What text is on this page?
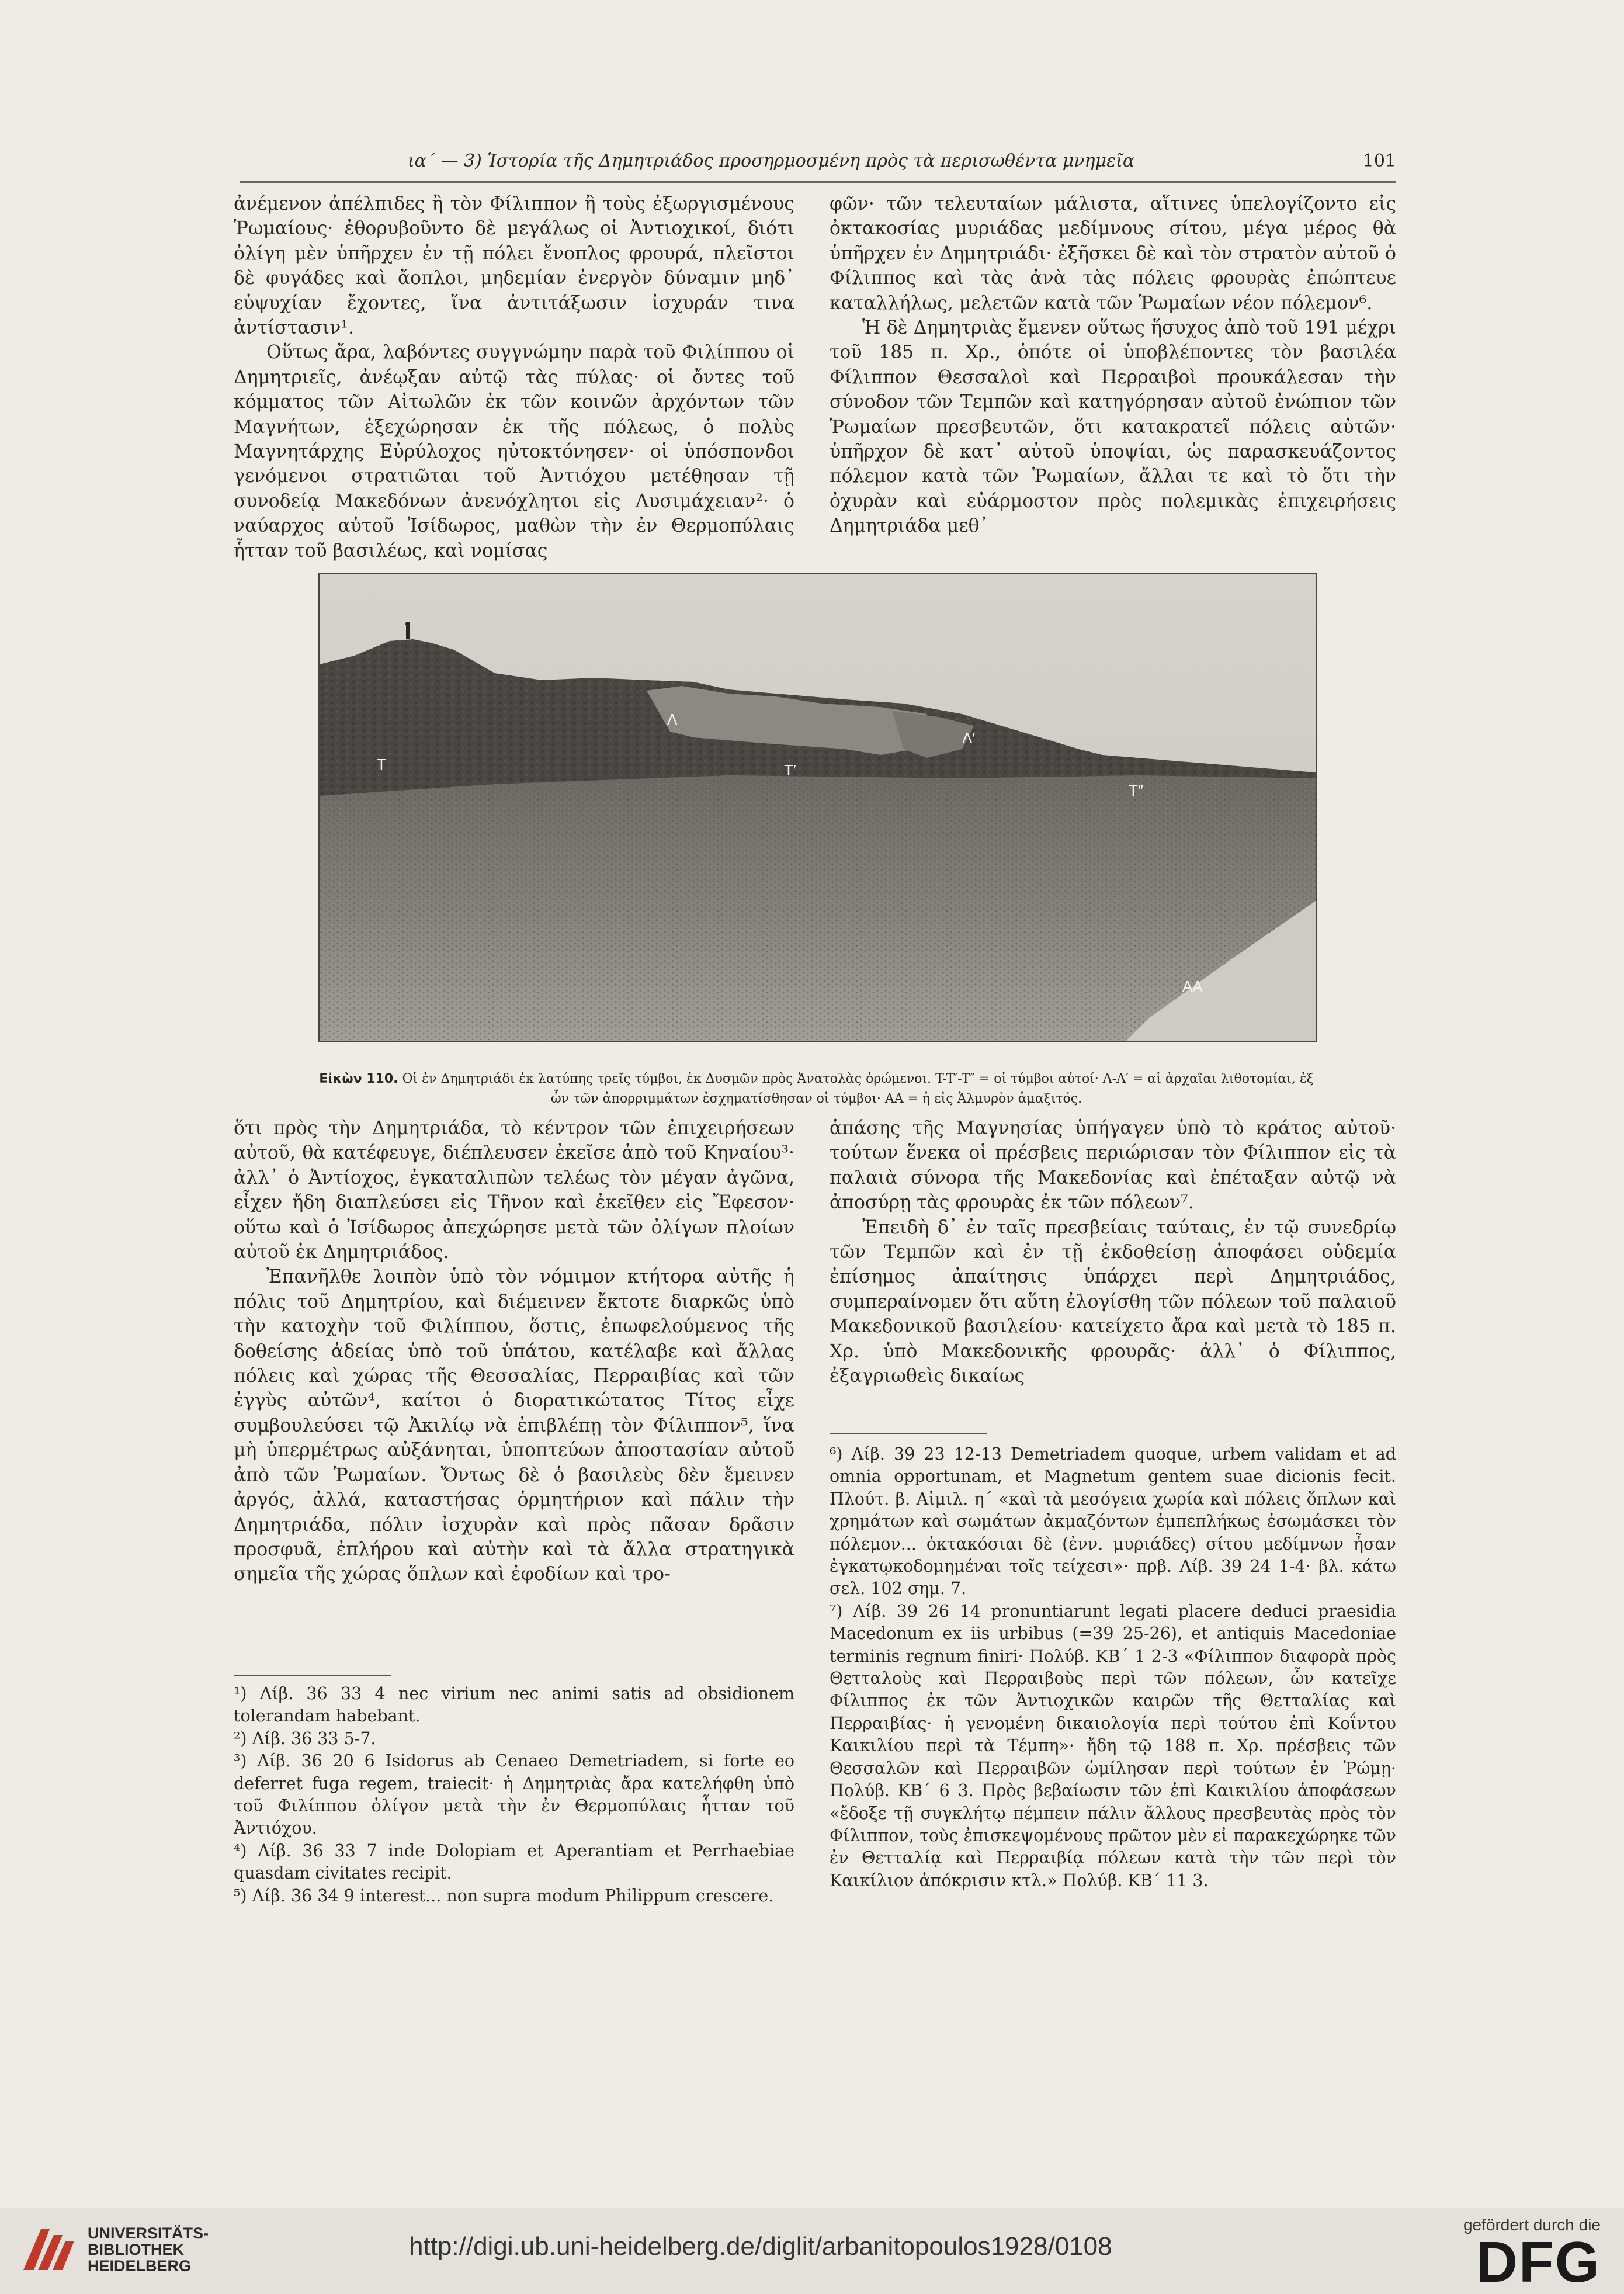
ια΄ — 3) Ἱστορία τῆς Δημητριάδος προσηρμοσμένη πρὸς τὰ περισωθέντα μνημεῖα	101

ἀνέμενον ἀπέλπιδες ἢ τὸν Φίλιππον ἢ τοὺς ἐξωργισμένους Ῥωμαίους· ἐθορυβοῦντο δὲ μεγάλως οἱ Ἀντιοχικοί, διότι ὀλίγη μὲν ὑπῆρχεν ἐν τῇ πόλει ἔνοπλος φρουρά, πλεῖστοι δὲ φυγάδες καὶ ἄοπλοι, μηδεμίαν ἐνεργὸν δύναμιν μηδ᾿ εὐψυχίαν ἔχοντες, ἵνα ἀντιτάξωσιν ἰσχυράν τινα ἀντίστασιν¹.

Οὕτως ἄρα, λαβόντες συγγνώμην παρὰ τοῦ Φιλίππου οἱ Δημητριεῖς, ἀνέῳξαν αὐτῷ τὰς πύλας· οἱ ὄντες τοῦ κόμματος τῶν Αἰτωλῶν ἐκ τῶν κοινῶν ἀρχόντων τῶν Μαγνήτων, ἐξεχώρησαν ἐκ τῆς πόλεως, ὁ πολὺς Μαγνητάρχης Εὐρύλοχος ηὐτοκτόνησεν· οἱ ὑπόσπονδοι γενόμενοι στρατιῶται τοῦ Ἀντιόχου μετέθησαν τῇ συνοδείᾳ Μακεδόνων ἀνενόχλητοι εἰς Λυσιμάχειαν²· ὁ ναύαρχος αὐτοῦ Ἰσίδωρος, μαθὼν τὴν ἐν Θερμοπύλαις ἧτταν τοῦ βασιλέως, καὶ νομίσας

φῶν· τῶν τελευταίων μάλιστα, αἵτινες ὑπελογίζοντο εἰς ὀκτακοσίας μυριάδας μεδίμνους σίτου, μέγα μέρος θὰ ὑπῆρχεν ἐν Δημητριάδι· ἐξῆσκει δὲ καὶ τὸν στρατὸν αὐτοῦ ὁ Φίλιππος καὶ τὰς ἀνὰ τὰς πόλεις φρουρὰς ἐπώπτευε καταλλήλως, μελετῶν κατὰ τῶν Ῥωμαίων νέον πόλεμον⁶.

Ἡ δὲ Δημητριὰς ἔμενεν οὕτως ἥσυχος ἀπὸ τοῦ 191 μέχρι τοῦ 185 π. Χρ., ὁπότε οἱ ὑποβλέποντες τὸν βασιλέα Φίλιππον Θεσσαλοὶ καὶ Περραιβοὶ προυκάλεσαν τὴν σύνοδον τῶν Τεμπῶν καὶ κατηγόρησαν αὐτοῦ ἐνώπιον τῶν Ῥωμαίων πρεσβευτῶν, ὅτι κατακρατεῖ πόλεις αὐτῶν· ὑπῆρχον δὲ κατ᾿ αὐτοῦ ὑποψίαι, ὡς παρασκευάζοντος πόλεμον κατὰ τῶν Ῥωμαίων, ἄλλαι τε καὶ τὸ ὅτι τὴν ὀχυρὰν καὶ εὐάρμοστον πρὸς πολεμικὰς ἐπιχειρήσεις Δημητριάδα μεθ᾿

T	T′
T″
Λ
Λ′
AA
Εἰκὼν 110. Οἱ ἐν Δημητριάδι ἐκ λατύπης τρεῖς τύμβοι, ἐκ Δυσμῶν πρὸς Ἀνατολὰς ὁρώμενοι. T-T′-T″ = οἱ τύμβοι αὐτοί· Λ-Λ′ = αἱ ἀρχαῖαι λιθοτομίαι, ἐξ ὧν τῶν ἀπορριμμάτων ἐσχηματίσθησαν οἱ τύμβοι· AA = ἡ εἰς Ἀλμυρὸν ἁμαξιτός.

ὅτι πρὸς τὴν Δημητριάδα, τὸ κέντρον τῶν ἐπιχειρήσεων αὐτοῦ, θὰ κατέφευγε, διέπλευσεν ἐκεῖσε ἀπὸ τοῦ Κηναίου³· ἀλλ᾿ ὁ Ἀντίοχος, ἐγκαταλιπὼν τελέως τὸν μέγαν ἀγῶνα, εἶχεν ἤδη διαπλεύσει εἰς Τῆνον καὶ ἐκεῖθεν εἰς Ἔφεσον· οὕτω καὶ ὁ Ἰσίδωρος ἀπεχώρησε μετὰ τῶν ὀλίγων πλοίων αὐτοῦ ἐκ Δημητριάδος.

Ἐπανῆλθε λοιπὸν ὑπὸ τὸν νόμιμον κτήτορα αὐτῆς ἡ πόλις τοῦ Δημητρίου, καὶ διέμεινεν ἔκτοτε διαρκῶς ὑπὸ τὴν κατοχὴν τοῦ Φιλίππου, ὅστις, ἐπωφελούμενος τῆς δοθείσης ἀδείας ὑπὸ τοῦ ὑπάτου, κατέλαβε καὶ ἄλλας πόλεις καὶ χώρας τῆς Θεσσαλίας, Περραιβίας καὶ τῶν ἐγγὺς αὐτῶν⁴, καίτοι ὁ διορατικώτατος Τίτος εἶχε συμβουλεύσει τῷ Ἀκιλίῳ νὰ ἐπιβλέπῃ τὸν Φίλιππον⁵, ἵνα μὴ ὑπερμέτρως αὐξάνηται, ὑποπτεύων ἀποστασίαν αὐτοῦ ἀπὸ τῶν Ῥωμαίων. Ὄντως δὲ ὁ βασιλεὺς δὲν ἔμεινεν ἀργός, ἀλλά, καταστήσας ὁρμητήριον καὶ πάλιν τὴν Δημητριάδα, πόλιν ἰσχυρὰν καὶ πρὸς πᾶσαν δρᾶσιν προσφυᾶ, ἐπλήρου καὶ αὐτὴν καὶ τὰ ἄλλα στρατηγικὰ σημεῖα τῆς χώρας ὅπλων καὶ ἐφοδίων καὶ τρο-

ἁπάσης τῆς Μαγνησίας ὑπήγαγεν ὑπὸ τὸ κράτος αὐτοῦ· τούτων ἕνεκα οἱ πρέσβεις περιώρισαν τὸν Φίλιππον εἰς τὰ παλαιὰ σύνορα τῆς Μακεδονίας καὶ ἐπέταξαν αὐτῷ νὰ ἀποσύρῃ τὰς φρουρὰς ἐκ τῶν πόλεων⁷.

Ἐπειδὴ δ᾿ ἐν ταῖς πρεσβείαις ταύταις, ἐν τῷ συνεδρίῳ τῶν Τεμπῶν καὶ ἐν τῇ ἐκδοθείσῃ ἀποφάσει οὐδεμία ἐπίσημος ἀπαίτησις ὑπάρχει περὶ Δημητριάδος, συμπεραίνομεν ὅτι αὕτη ἐλογίσθη τῶν πόλεων τοῦ παλαιοῦ Μακεδονικοῦ βασιλείου· κατείχετο ἄρα καὶ μετὰ τὸ 185 π. Χρ. ὑπὸ Μακεδονικῆς φρουρᾶς· ἀλλ᾿ ὁ Φίλιππος, ἐξαγριωθεὶς δικαίως

¹) Λίβ. 36 33 4 nec virium nec animi satis ad obsidionem tolerandam habebant.

²) Λίβ. 36 33 5-7.

³) Λίβ. 36 20 6 Isidorus ab Cenaeo Demetriadem, si forte eo deferret fuga regem, traiecit· ἡ Δημητριὰς ἄρα κατελήφθη ὑπὸ τοῦ Φιλίππου ὀλίγον μετὰ τὴν ἐν Θερμοπύλαις ἧτταν τοῦ Ἀντιόχου.

⁴) Λίβ. 36 33 7 inde Dolopiam et Aperantiam et Perrhaebiae quasdam civitates recipit.

⁵) Λίβ. 36 34 9 interest... non supra modum Philippum crescere.

⁶) Λίβ. 39 23 12-13 Demetriadem quoque, urbem validam et ad omnia opportunam, et Magnetum gentem suae dicionis fecit. Πλούτ. β. Αἰμιλ. η΄ «καὶ τὰ μεσόγεια χωρία καὶ πόλεις ὅπλων καὶ χρημάτων καὶ σωμάτων ἀκμαζόντων ἐμπεπλήκως ἐσωμάσκει τὸν πόλεμον... ὀκτακόσιαι δὲ (ἐνν. μυριάδες) σίτου μεδίμνων ἦσαν ἐγκατῳκοδομημέναι τοῖς τείχεσι»· πρβ. Λίβ. 39 24 1-4· βλ. κάτω σελ. 102 σημ. 7.

⁷) Λίβ. 39 26 14 pronuntiarunt legati placere deduci praesidia Macedonum ex iis urbibus (=39 25-26), et antiquis Macedoniae terminis regnum finiri· Πολύβ. ΚΒ΄ 1 2-3 «Φίλιππον διαφορὰ πρὸς Θετταλοὺς καὶ Περραιβοὺς περὶ τῶν πόλεων, ὧν κατεῖχε Φίλιππος ἐκ τῶν Ἀντιοχικῶν καιρῶν τῆς Θετταλίας καὶ Περραιβίας· ἡ γενομένη δικαιολογία περὶ τούτου ἐπὶ Κοΐντου Καικιλίου περὶ τὰ Τέμπη»· ἤδη τῷ 188 π. Χρ. πρέσβεις τῶν Θεσσαλῶν καὶ Περραιβῶν ὡμίλησαν περὶ τούτων ἐν Ῥώμῃ· Πολύβ. ΚΒ΄ 6 3. Πρὸς βεβαίωσιν τῶν ἐπὶ Καικιλίου ἀποφάσεων «ἔδοξε τῇ συγκλήτῳ πέμπειν πάλιν ἄλλους πρεσβευτὰς πρὸς τὸν Φίλιππον, τοὺς ἐπισκεψομένους πρῶτον μὲν εἰ παρακεχώρηκε τῶν ἐν Θετταλίᾳ καὶ Περραιβίᾳ πόλεων κατὰ τὴν τῶν περὶ τὸν Καικίλιον ἀπόκρισιν κτλ.» Πολύβ. ΚΒ΄ 11 3.

UNIVERSITÄTS-
BIBLIOTHEK
HEIDELBERG
http://digi.ub.uni-heidelberg.de/diglit/arbanitopoulos1928/0108
gefördert durch die
DFG
